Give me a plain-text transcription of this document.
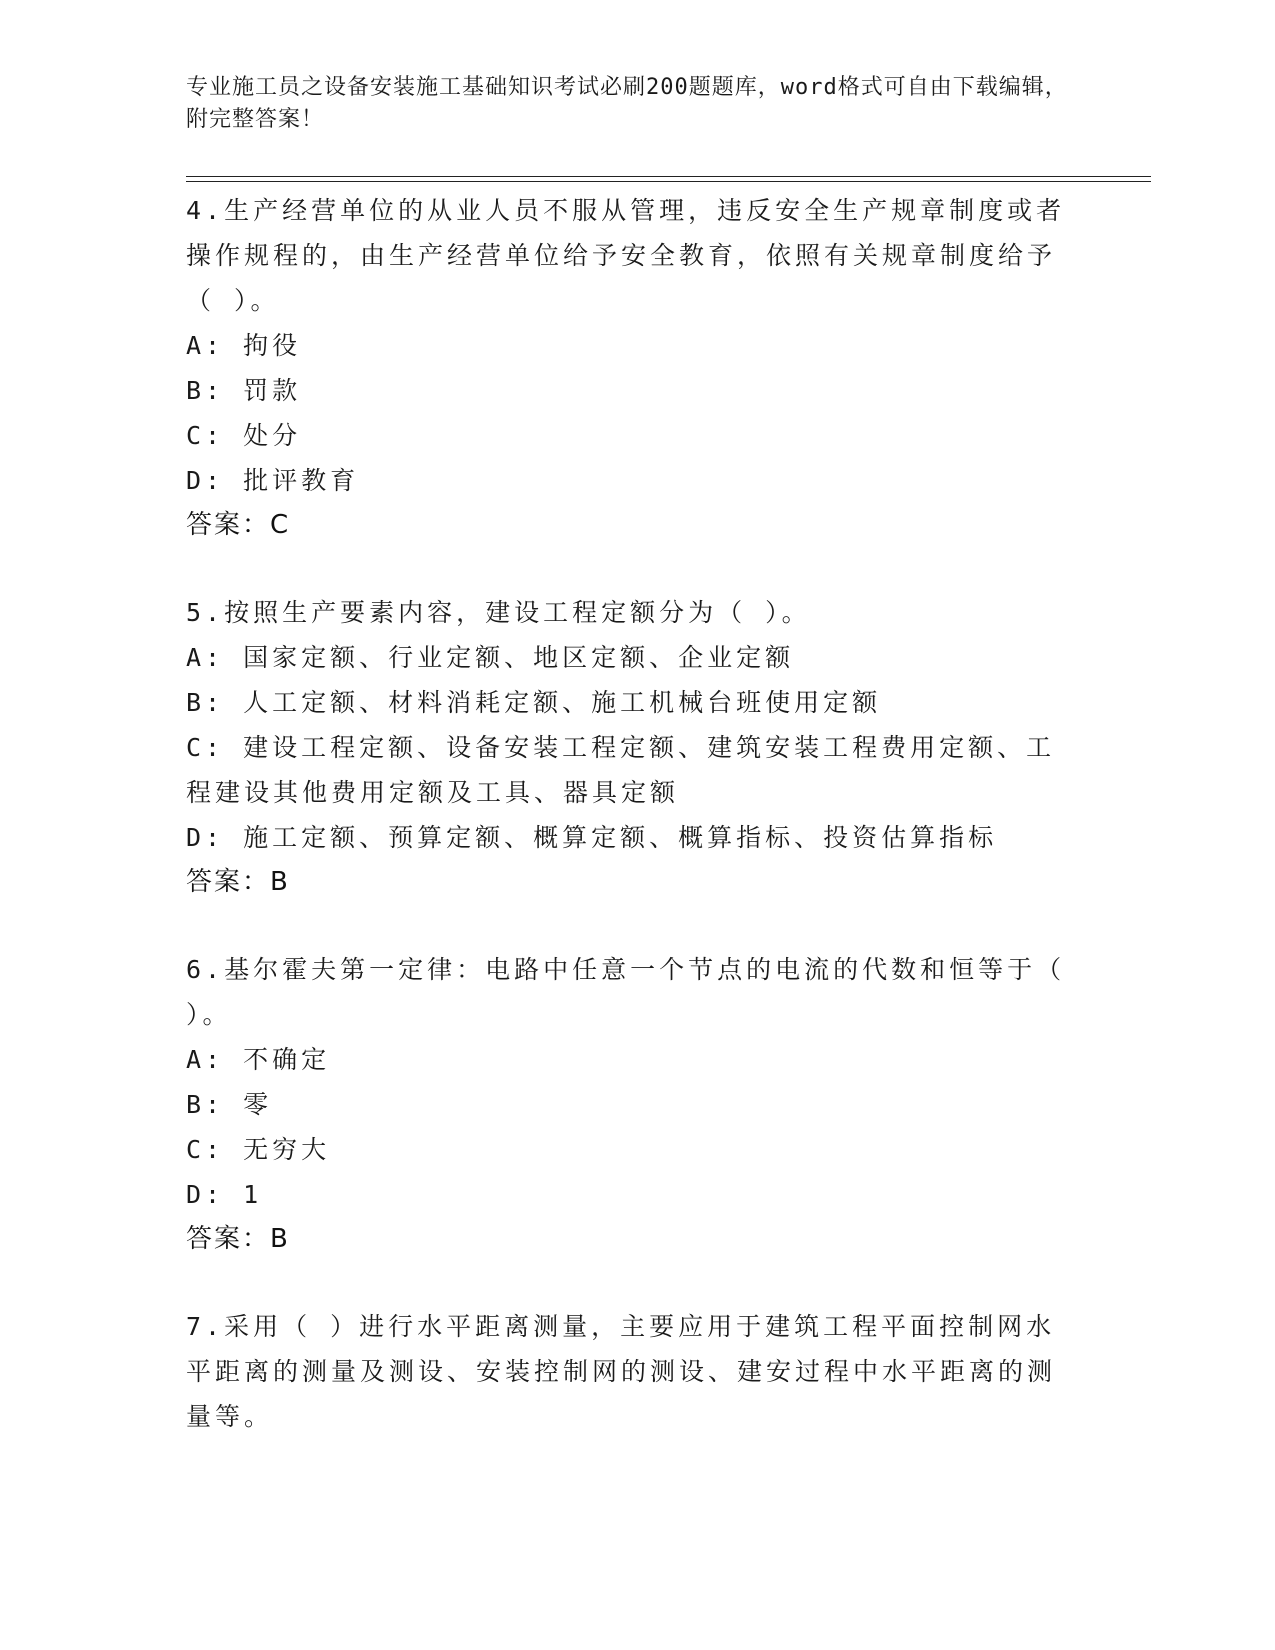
专业施工员之设备安装施工基础知识考试必刷200题题库，word格式可自由下载编辑，附完整答案！
4.生产经营单位的从业人员不服从管理，违反安全生产规章制度或者操作规程的，由生产经营单位给予安全教育，依照有关规章制度给予（ ）。
A: 拘役
B: 罚款
C: 处分
D: 批评教育
答案：C
5.按照生产要素内容，建设工程定额分为（ ）。
A: 国家定额、行业定额、地区定额、企业定额
B: 人工定额、材料消耗定额、施工机械台班使用定额
C: 建设工程定额、设备安装工程定额、建筑安装工程费用定额、工程建设其他费用定额及工具、器具定额
D: 施工定额、预算定额、概算定额、概算指标、投资估算指标
答案：B
6.基尔霍夫第一定律：电路中任意一个节点的电流的代数和恒等于（ ）。
A: 不确定
B: 零
C: 无穷大
D: 1
答案：B
7.采用（ ）进行水平距离测量，主要应用于建筑工程平面控制网水平距离的测量及测设、安装控制网的测设、建安过程中水平距离的测量等。
